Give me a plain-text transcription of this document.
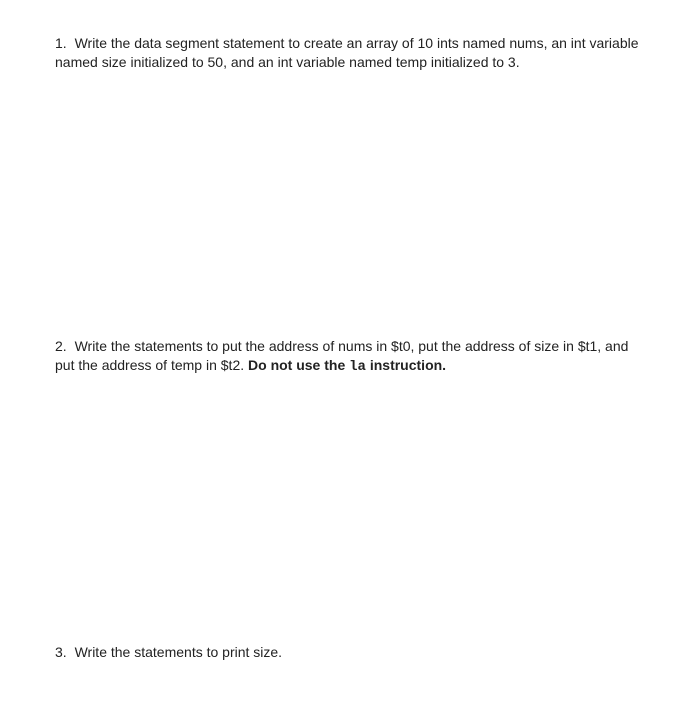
1. Write the data segment statement to create an array of 10 ints named nums, an int variable named size initialized to 50, and an int variable named temp initialized to 3.

2. Write the statements to put the address of nums in $t0, put the address of size in $t1, and put the address of temp in $t2. Do not use the la instruction.

3. Write the statements to print size.
